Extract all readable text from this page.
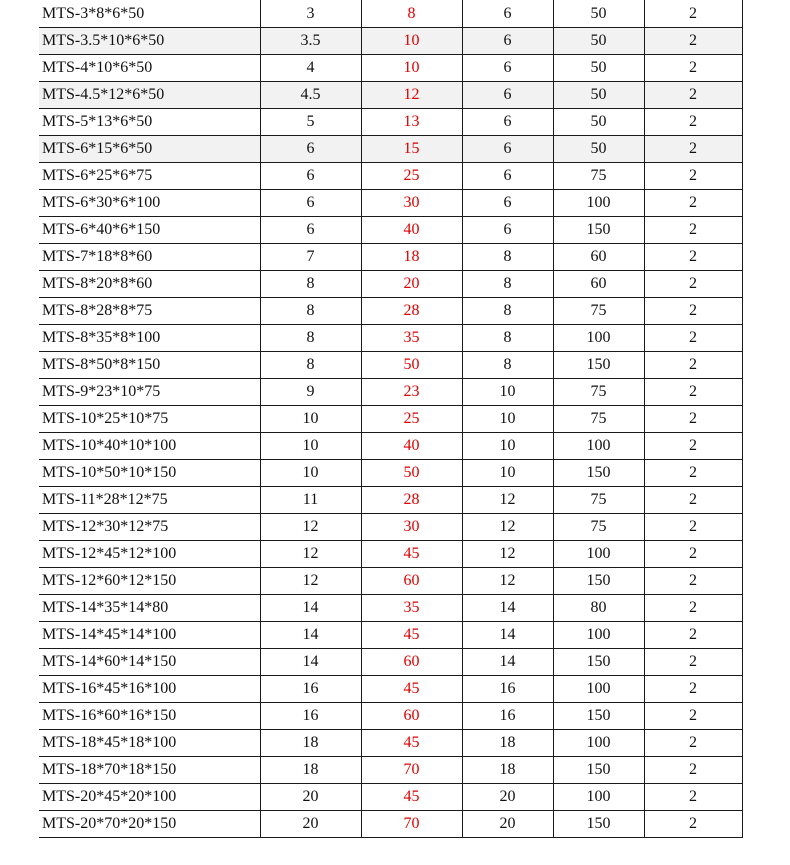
MTS-3*8*6*50	3	8	6	50	2
MTS-3.5*10*6*50	3.5	10	6	50	2
MTS-4*10*6*50	4	10	6	50	2
MTS-4.5*12*6*50	4.5	12	6	50	2
MTS-5*13*6*50	5	13	6	50	2
MTS-6*15*6*50	6	15	6	50	2
MTS-6*25*6*75	6	25	6	75	2
MTS-6*30*6*100	6	30	6	100	2
MTS-6*40*6*150	6	40	6	150	2
MTS-7*18*8*60	7	18	8	60	2
MTS-8*20*8*60	8	20	8	60	2
MTS-8*28*8*75	8	28	8	75	2
MTS-8*35*8*100	8	35	8	100	2
MTS-8*50*8*150	8	50	8	150	2
MTS-9*23*10*75	9	23	10	75	2
MTS-10*25*10*75	10	25	10	75	2
MTS-10*40*10*100	10	40	10	100	2
MTS-10*50*10*150	10	50	10	150	2
MTS-11*28*12*75	11	28	12	75	2
MTS-12*30*12*75	12	30	12	75	2
MTS-12*45*12*100	12	45	12	100	2
MTS-12*60*12*150	12	60	12	150	2
MTS-14*35*14*80	14	35	14	80	2
MTS-14*45*14*100	14	45	14	100	2
MTS-14*60*14*150	14	60	14	150	2
MTS-16*45*16*100	16	45	16	100	2
MTS-16*60*16*150	16	60	16	150	2
MTS-18*45*18*100	18	45	18	100	2
MTS-18*70*18*150	18	70	18	150	2
MTS-20*45*20*100	20	45	20	100	2
MTS-20*70*20*150	20	70	20	150	2
